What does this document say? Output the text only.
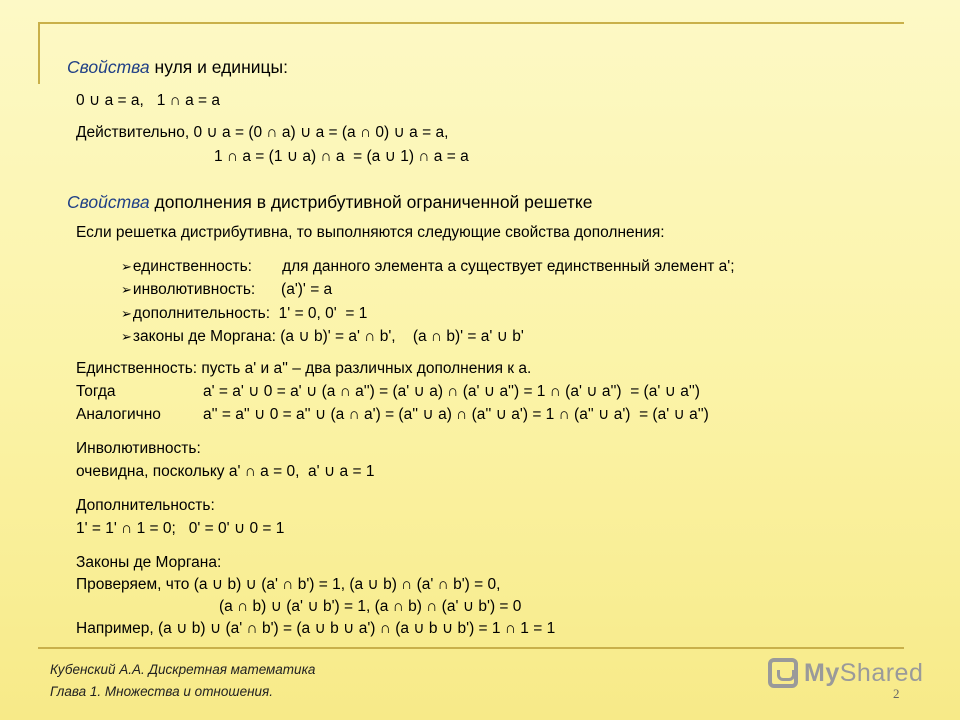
Свойства нуля и единицы:
0 ∪ a = a,   1 ∩ a = a
Действительно, 0 ∪ a = (0 ∩ a) ∪ a = (a ∩ 0) ∪ a = a,
1 ∩ a = (1 ∪ a) ∩ a  = (a ∪ 1) ∩ a = a
Свойства дополнения в дистрибутивной ограниченной решетке
Если решетка дистрибутивна, то выполняются следующие свойства дополнения:
➢единственность:       для данного элемента a существует единственный элемент a';
➢инволютивность:      (a')' = a
➢дополнительность:  1' = 0, 0'  = 1
➢законы де Моргана: (a ∪ b)' = a' ∩ b',    (a ∩ b)' = a' ∪ b'
Единственность: пусть a' и a'' – два различных дополнения к a.
Тогда	a' = a' ∪ 0 = a' ∪ (a ∩ a'') = (a' ∪ a) ∩ (a' ∪ a'') = 1 ∩ (a' ∪ a'')  = (a' ∪ a'')
Аналогично	a'' = a'' ∪ 0 = a'' ∪ (a ∩ a') = (a'' ∪ a) ∩ (a'' ∪ a') = 1 ∩ (a'' ∪ a')  = (a' ∪ a'')
Инволютивность:
очевидна, поскольку a' ∩ a = 0,  a' ∪ a = 1
Дополнительность:
1' = 1' ∩ 1 = 0;   0' = 0' ∪ 0 = 1
Законы де Моргана:
Проверяем, что (a ∪ b) ∪ (a' ∩ b') = 1, (a ∪ b) ∩ (a' ∩ b') = 0,
(a ∩ b) ∪ (a' ∪ b') = 1, (a ∩ b) ∩ (a' ∪ b') = 0
Например, (a ∪ b) ∪ (a' ∩ b') = (a ∪ b ∪ a') ∩ (a ∪ b ∪ b') = 1 ∩ 1 = 1
Кубенский А.А. Дискретная математика
Глава 1. Множества и отношения.
MyShared
2
